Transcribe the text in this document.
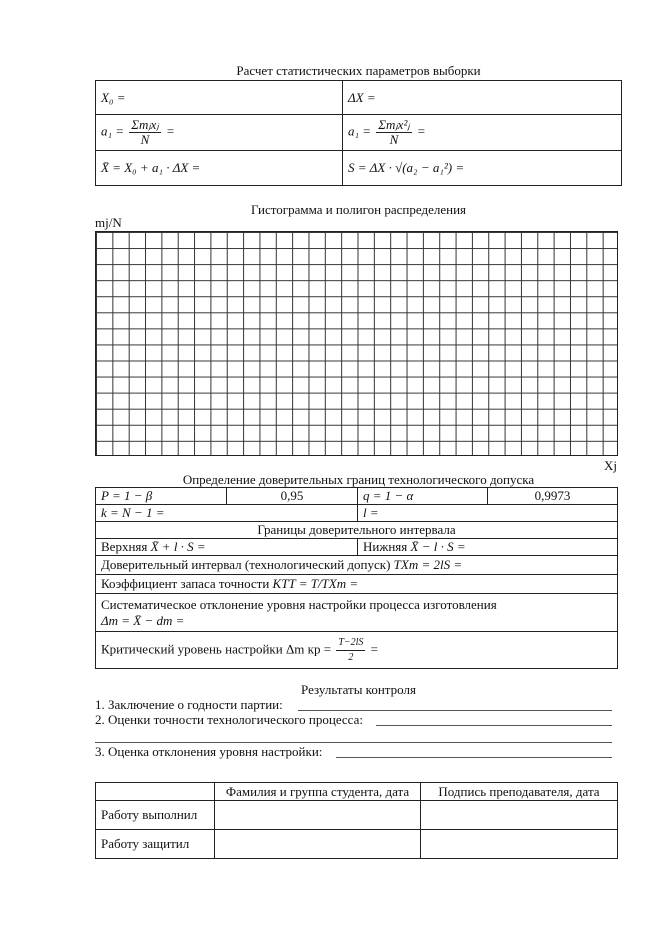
Расчет статистических параметров выборки
X₀ =	ΔX =
$a_1 = \frac{\text{Σmⱼxⱼ}}{N}$ =	$a_1 = \frac{\text{Σmⱼx²ⱼ}}{N}$ =
X̄ = X₀ + a₁ · ΔX =	S = ΔX · √(a₂ − a₁²) =
Гистограмма и полигон распределения
mj/N
Xj
Определение доверительных границ технологического допуска
P = 1 − β	0,95	q = 1 − α	0,9973
k = N − 1 =		l =	
Границы доверительного интервала			
Верхняя X̄ + l · S =		Нижняя X̄ − l · S =	
Доверительный интервал (технологический допуск) TXт = 2lS =			
Коэффициент запаса точности KTT = T/TXт =			

Систематическое отклонение уровня настройки процесса изготовления
Δm = X̄ − dm =			

Критический уровень настройки Δm кр = $\frac{T-2lS}{2}$ =			
Результаты контроля
1. Заключение о годности партии:
2. Оценки точности технологического процесса:
3. Оценка отклонения уровня настройки:
	Фамилия и группа студента, дата	Подпись преподавателя, дата
Работу выполнил		
Работу защитил		
